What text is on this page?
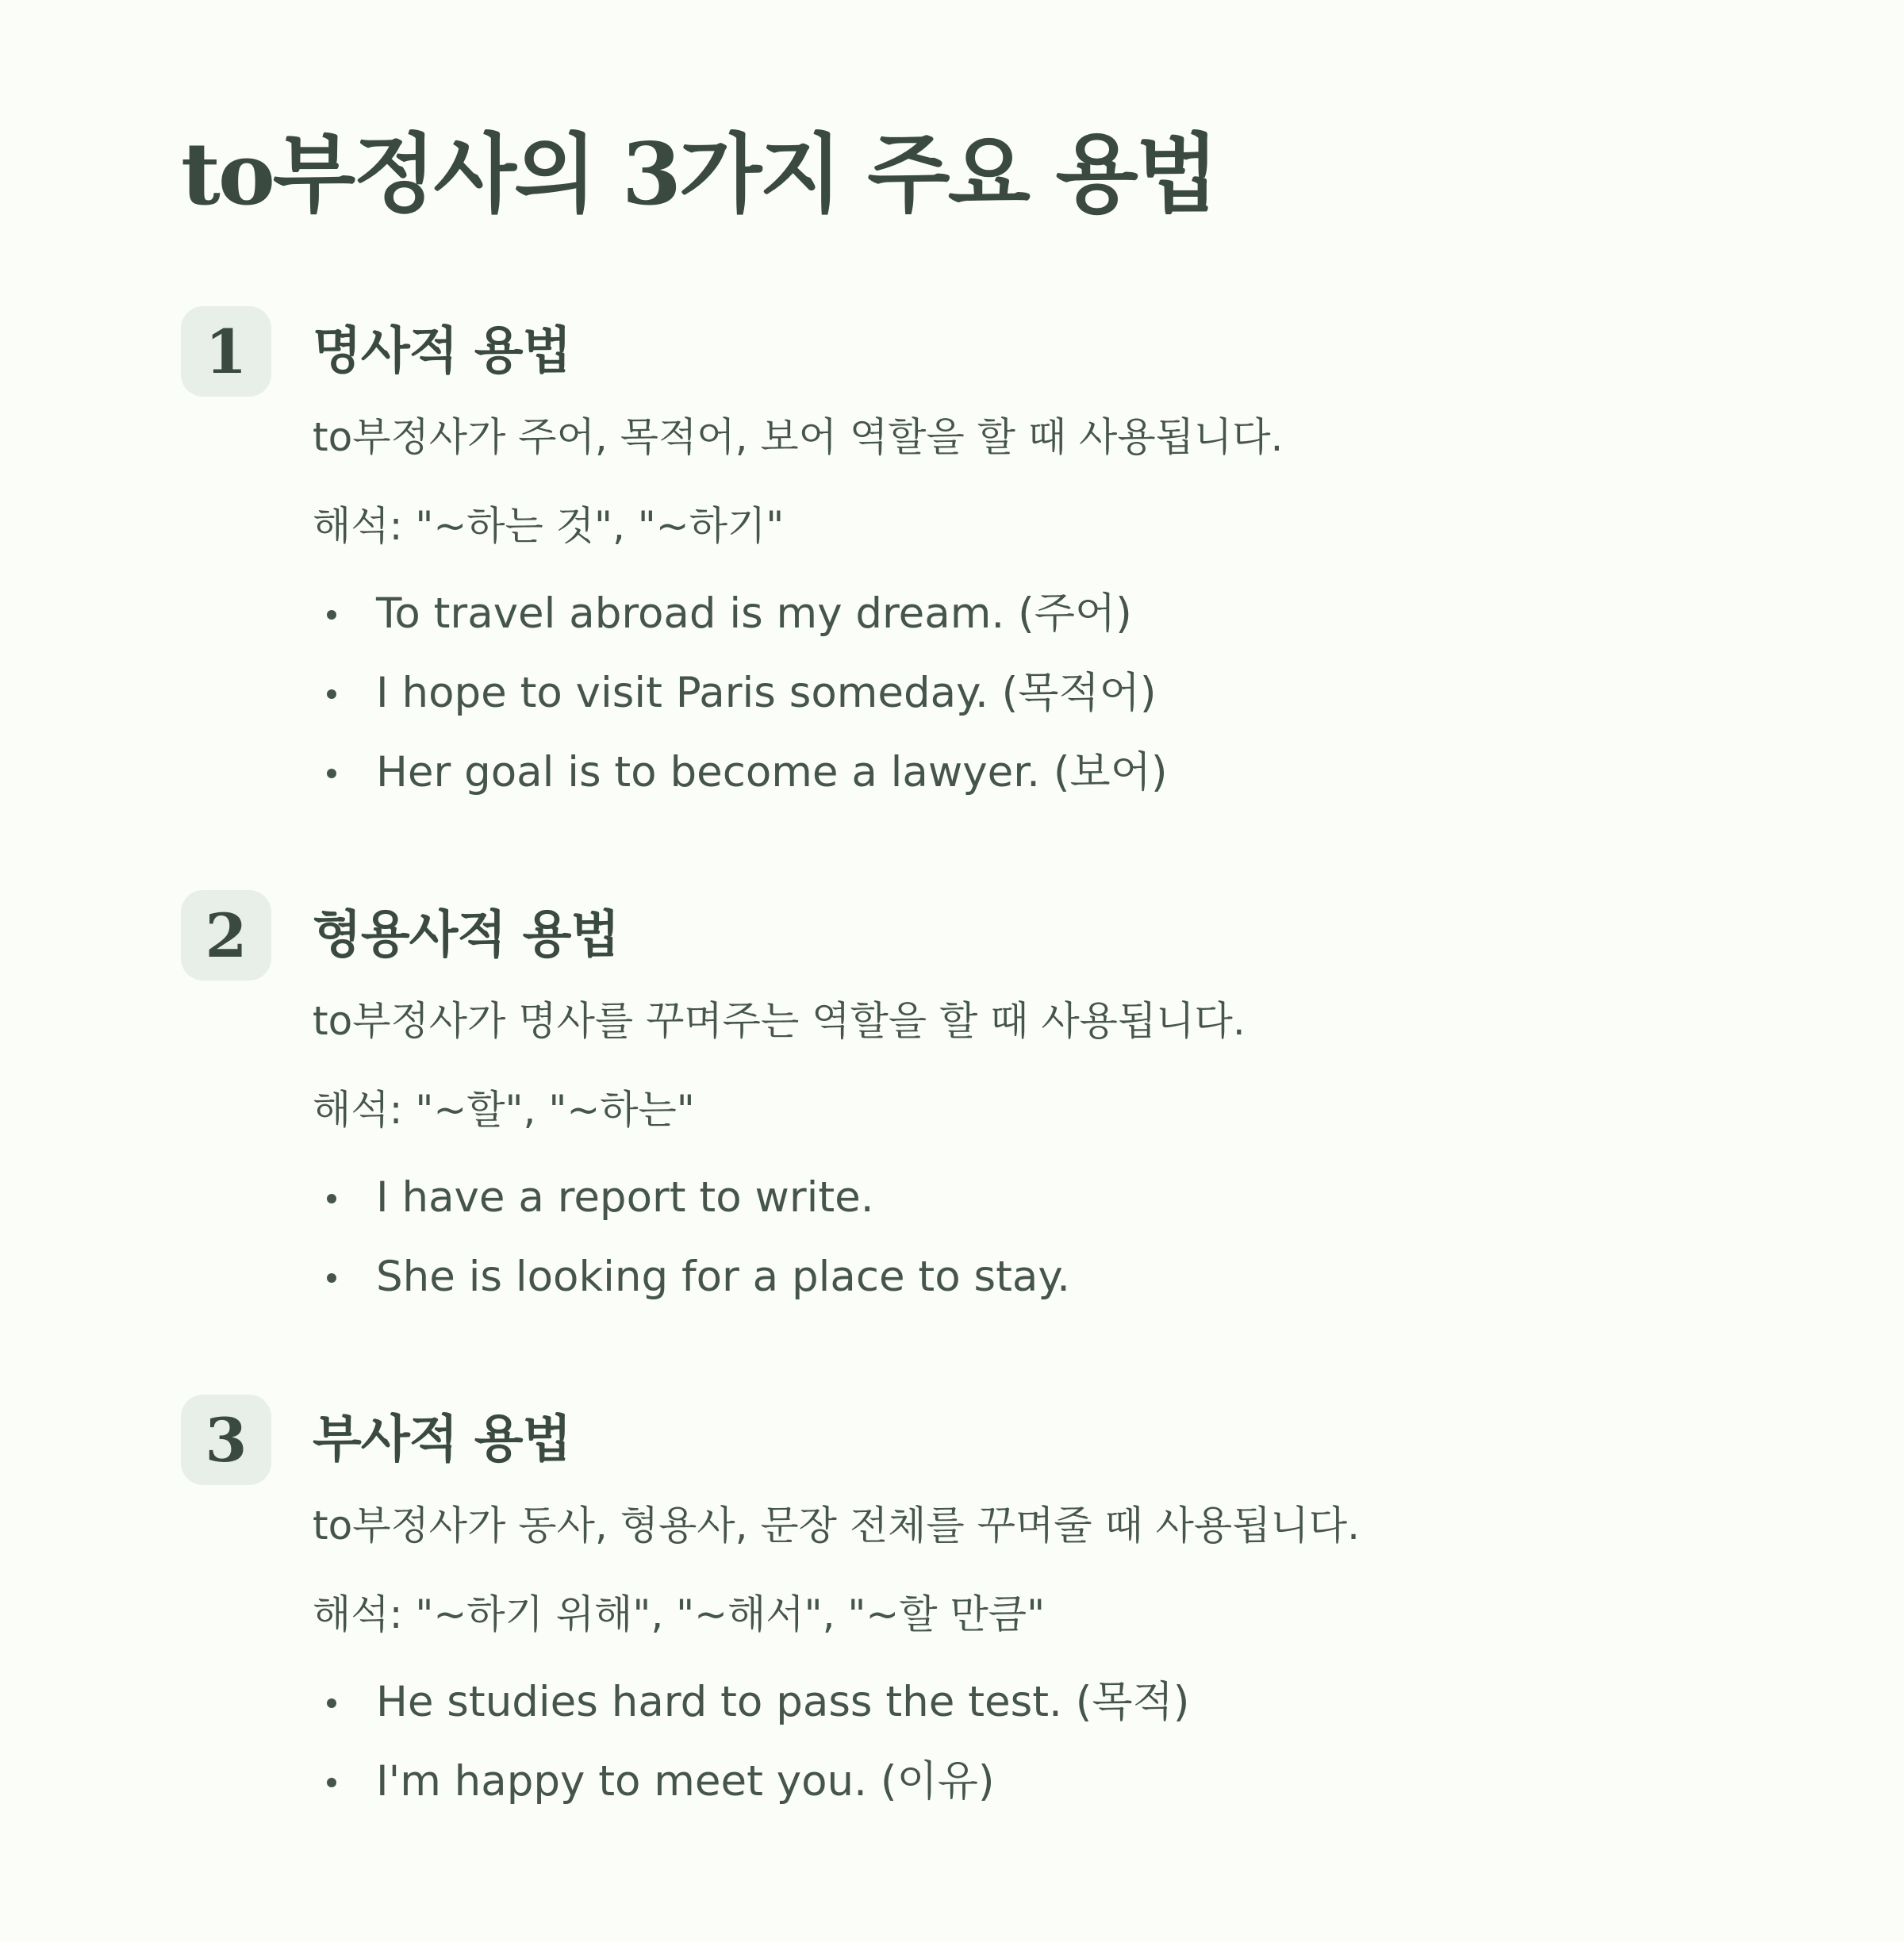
to부정사의 3가지 주요 용법
1	명사적 용법

to부정사가 주어, 목적어, 보어 역할을 할 때 사용됩니다.

해석: "~하는 것", "~하기"

To travel abroad is my dream. (주어)
I hope to visit Paris someday. (목적어)
Her goal is to become a lawyer. (보어)
2	형용사적 용법

to부정사가 명사를 꾸며주는 역할을 할 때 사용됩니다.

해석: "~할", "~하는"

I have a report to write.
She is looking for a place to stay.
3	부사적 용법

to부정사가 동사, 형용사, 문장 전체를 꾸며줄 때 사용됩니다.

해석: "~하기 위해", "~해서", "~할 만큼"

He studies hard to pass the test. (목적)
I'm happy to meet you. (이유)
